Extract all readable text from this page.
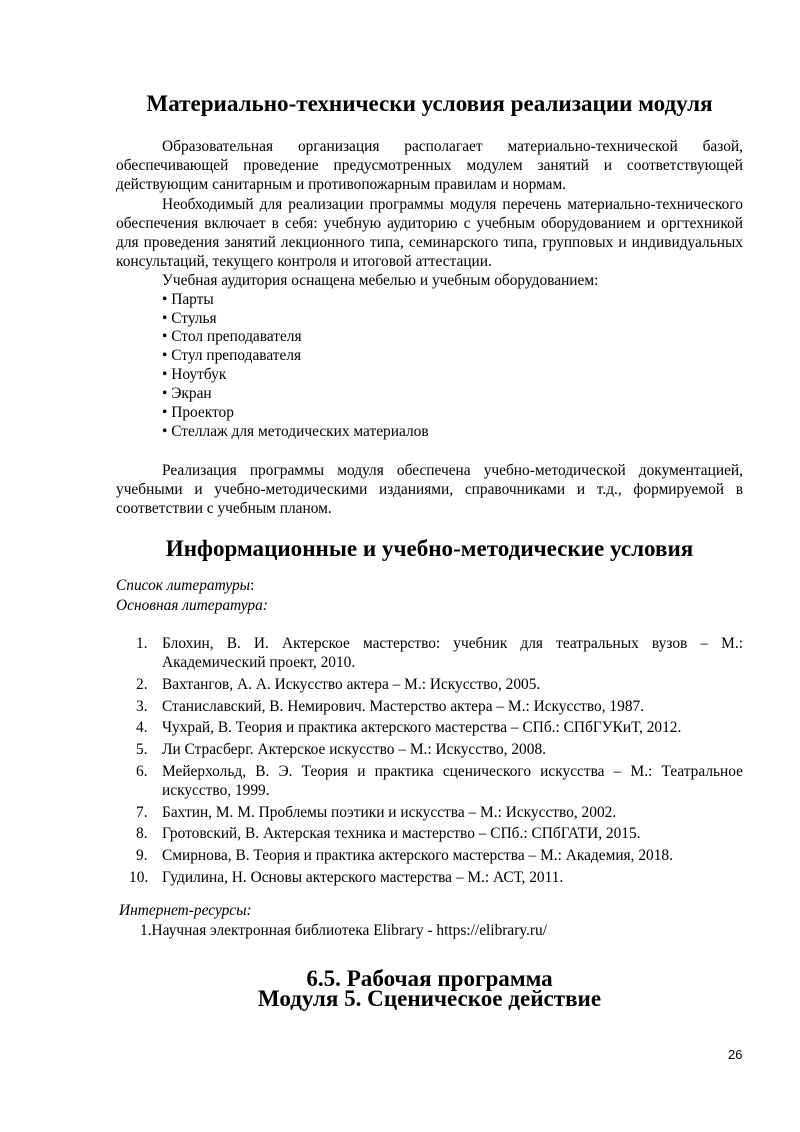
Материально-технически условия реализации модуля

Образовательная организация располагает материально-технической базой, обеспечивающей проведение предусмотренных модулем занятий и соответствующей действующим санитарным и противопожарным правилам и нормам.

Необходимый для реализации программы модуля перечень материально-технического обеспечения включает в себя: учебную аудиторию с учебным оборудованием и оргтехникой для проведения занятий лекционного типа, семинарского типа, групповых и индивидуальных консультаций, текущего контроля и итоговой аттестации.

Учебная аудитория оснащена мебелью и учебным оборудованием:

• Парты
• Стулья
• Стол преподавателя
• Стул преподавателя
• Ноутбук
• Экран
• Проектор
• Стеллаж для методических материалов

Реализация программы модуля обеспечена учебно-методической документацией, учебными и учебно-методическими изданиями, справочниками и т.д., формируемой в соответствии с учебным планом.

Информационные и учебно-методические условия

Список литературы:

Основная литература:

1. Блохин, В. И. Актерское мастерство: учебник для театральных вузов – М.: Академический проект, 2010.
2. Вахтангов, А. А. Искусство актера – М.: Искусство, 2005.
3. Станиславский, В. Немирович. Мастерство актера – М.: Искусство, 1987.
4. Чухрай, В. Теория и практика актерского мастерства – СПб.: СПбГУКиТ, 2012.
5. Ли Страсберг. Актерское искусство – М.: Искусство, 2008.
6. Мейерхольд, В. Э. Теория и практика сценического искусства – М.: Театральное искусство, 1999.
7. Бахтин, М. М. Проблемы поэтики и искусства – М.: Искусство, 2002.
8. Гротовский, В. Актерская техника и мастерство – СПб.: СПбГАТИ, 2015.
9. Смирнова, В. Теория и практика актерского мастерства – М.: Академия, 2018.
10. Гудилина, Н. Основы актерского мастерства – М.: АСТ, 2011.

Интернет-ресурсы:

1.Научная электронная библиотека Elibrary - https://elibrary.ru/

6.5. Рабочая программа
Модуля 5. Сценическое действие
26
